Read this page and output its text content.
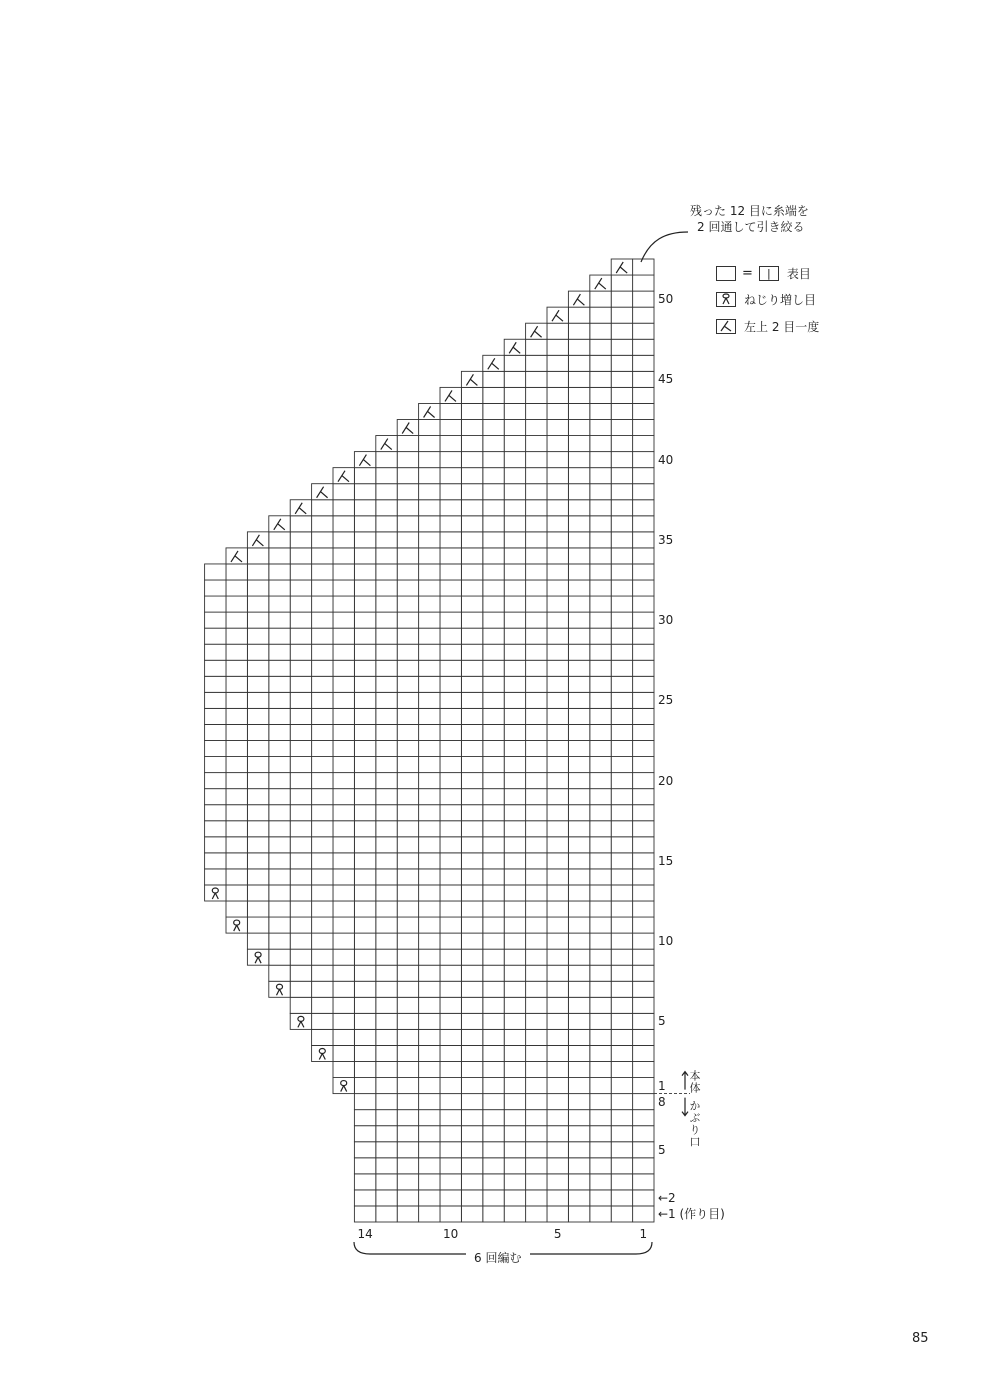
残った 12 目に糸端を
2 回通して引き絞る
=	|	表目
ねじり増し目
左上 2 目一度
本体
かぶり口
6 回編む
85
1
5
10
15
20
25
30
35
40
45
50
8
5
←2
←1 (作り目)
14	10	5	1
